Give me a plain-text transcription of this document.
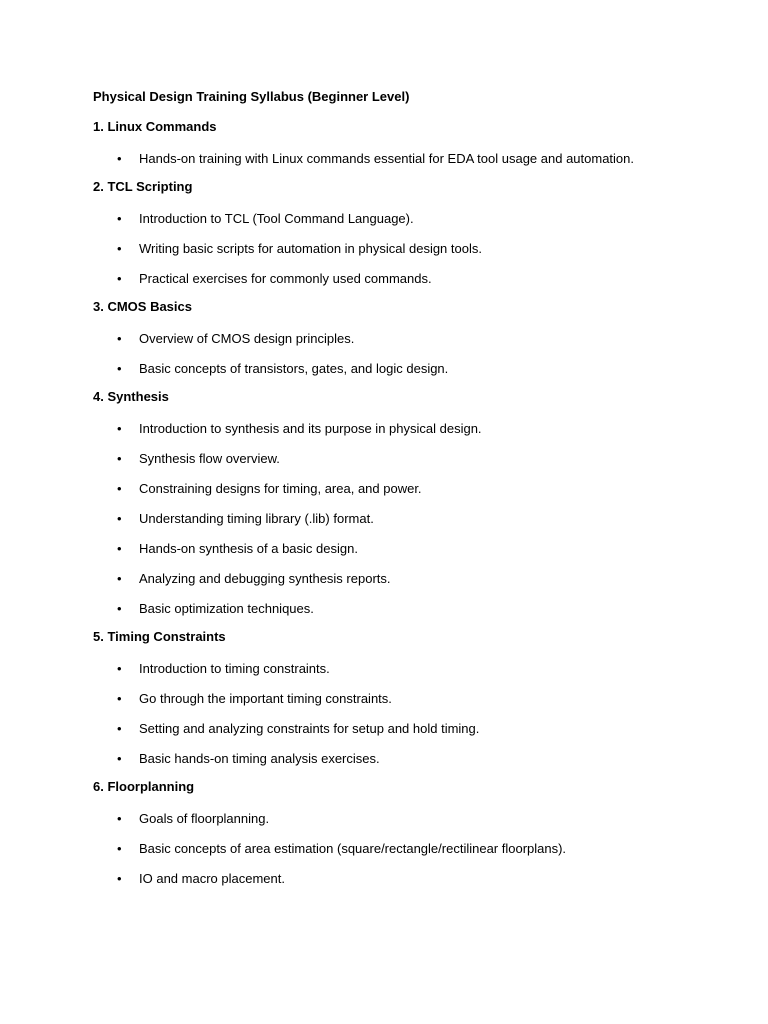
Physical Design Training Syllabus (Beginner Level)
1. Linux Commands
• Hands-on training with Linux commands essential for EDA tool usage and automation.
2. TCL Scripting
• Introduction to TCL (Tool Command Language).
• Writing basic scripts for automation in physical design tools.
• Practical exercises for commonly used commands.
3. CMOS Basics
• Overview of CMOS design principles.
• Basic concepts of transistors, gates, and logic design.
4. Synthesis
• Introduction to synthesis and its purpose in physical design.
• Synthesis flow overview.
• Constraining designs for timing, area, and power.
• Understanding timing library (.lib) format.
• Hands-on synthesis of a basic design.
• Analyzing and debugging synthesis reports.
• Basic optimization techniques.
5. Timing Constraints
• Introduction to timing constraints.
• Go through the important timing constraints.
• Setting and analyzing constraints for setup and hold timing.
• Basic hands-on timing analysis exercises.
6. Floorplanning
• Goals of floorplanning.
• Basic concepts of area estimation (square/rectangle/rectilinear floorplans).
• IO and macro placement.
